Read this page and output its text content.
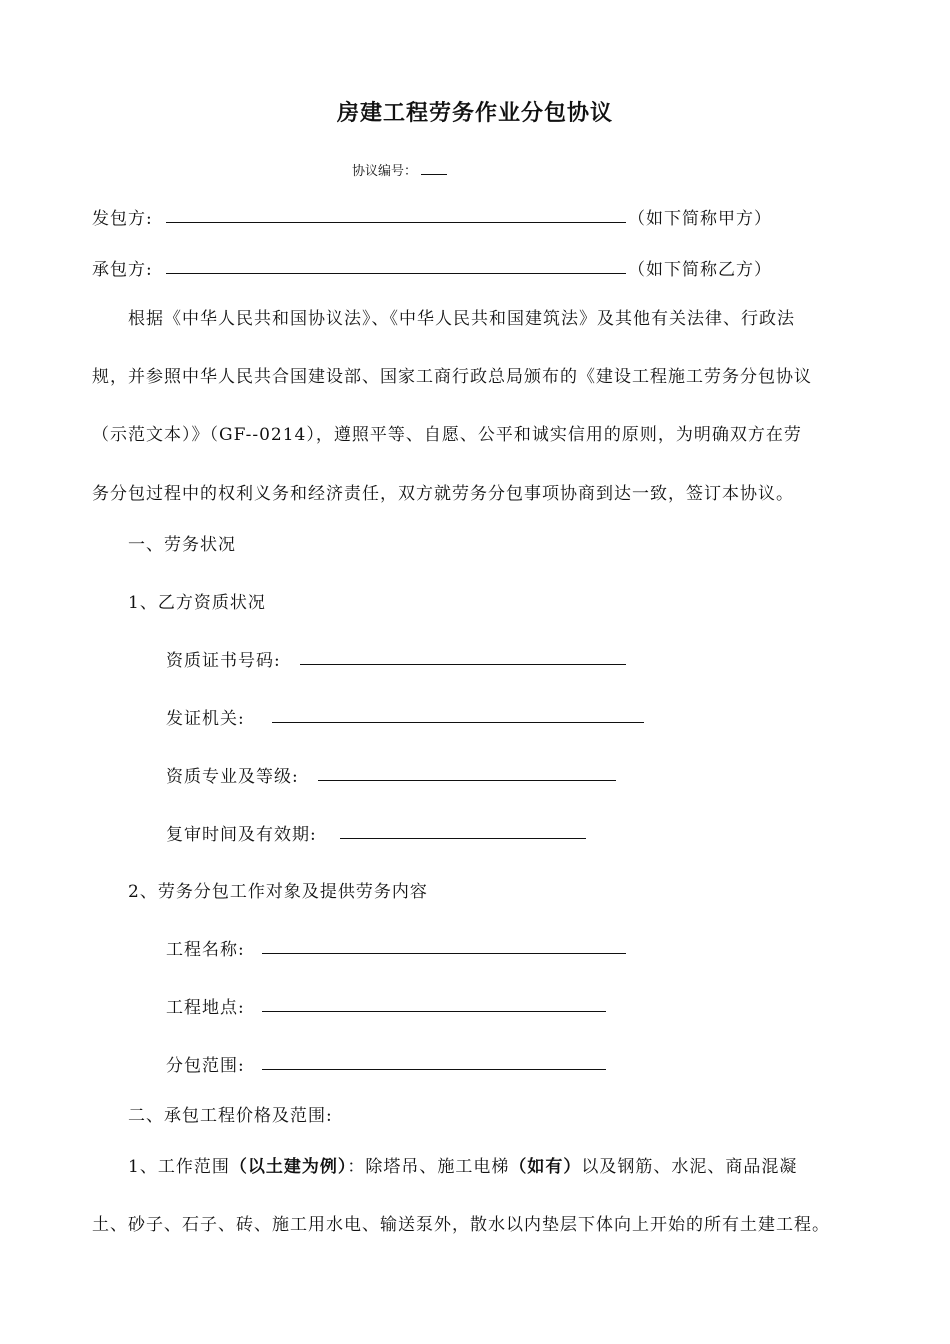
房建工程劳务作业分包协议
协议编号：
发包方:	（如下简称甲方）
承包方:	（如下简称乙方）
根据《中华人民共和国协议法》、《中华人民共和国建筑法》及其他有关法律、行政法
规，并参照中华人民共合国建设部、国家工商行政总局颁布的《建设工程施工劳务分包协议
（示范文本）》（GF--0214），遵照平等、自愿、公平和诚实信用的原则，为明确双方在劳
务分包过程中的权利义务和经济责任，双方就劳务分包事项协商到达一致，签订本协议。
一、劳务状况
1、乙方资质状况
资质证书号码:
发证机关:
资质专业及等级:
复审时间及有效期:
2、劳务分包工作对象及提供劳务内容
工程名称:
工程地点:
分包范围:
二、承包工程价格及范围:
1、工作范围（以土建为例）：除塔吊、施工电梯（如有）以及钢筋、水泥、商品混凝
土、砂子、石子、砖、施工用水电、输送泵外，散水以内垫层下体向上开始的所有土建工程。
